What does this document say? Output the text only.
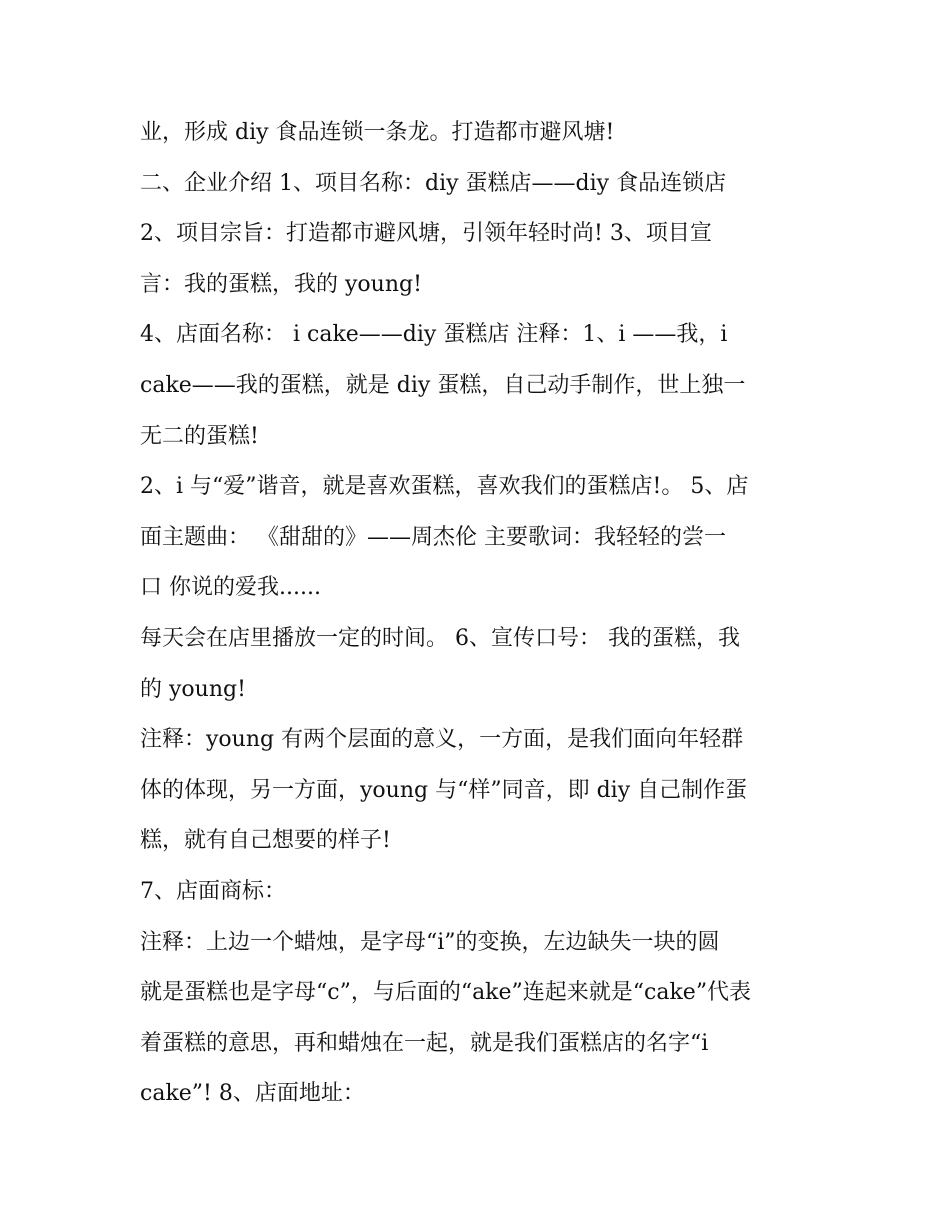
业，形成 diy 食品连锁一条龙。打造都市避风塘!
二、企业介绍 1、项目名称：diy 蛋糕店——diy 食品连锁店
2、项目宗旨：打造都市避风塘，引领年轻时尚! 3、项目宣
言：我的蛋糕，我的 young!
4、店面名称： i cake——diy 蛋糕店 注释：1、i ——我，i
cake——我的蛋糕，就是 diy 蛋糕，自己动手制作，世上独一
无二的蛋糕!
2、i 与“爱”谐音，就是喜欢蛋糕，喜欢我们的蛋糕店!。 5、店
面主题曲： 《甜甜的》——周杰伦 主要歌词：我轻轻的尝一
口 你说的爱我......
每天会在店里播放一定的时间。 6、宣传口号： 我的蛋糕，我
的 young!
注释：young 有两个层面的意义，一方面，是我们面向年轻群
体的体现，另一方面，young 与“样”同音，即 diy 自己制作蛋
糕，就有自己想要的样子!
7、店面商标：
注释：上边一个蜡烛，是字母“i”的变换，左边缺失一块的圆
就是蛋糕也是字母“c”，与后面的“ake”连起来就是“cake”代表
着蛋糕的意思，再和蜡烛在一起，就是我们蛋糕店的名字“i
cake”! 8、店面地址：
